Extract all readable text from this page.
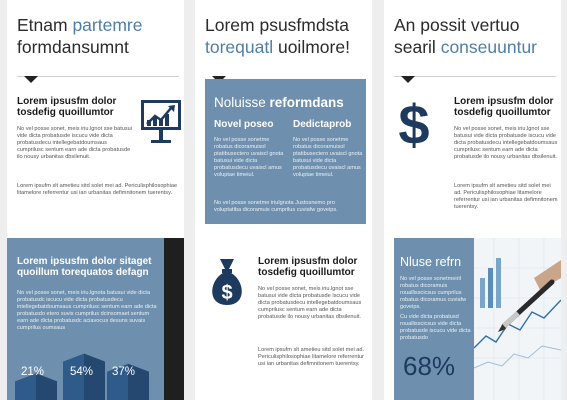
Etnam partemre
formdansumnt
Lorem ipsusfm dolor tosdefig quoillumtor
No vel posse sonet, meis iriu.lgnot sse batusui vide dicta probatusde iscucu vide dicta probatusdecu intellegebatdoumsaus cumprilusc sentum earn ade dicta probatusde ilo nousy urbanitas dbsilenuit.
Lorem ipsufm slt ametieu sitd solet mei ad. Periculisphilosophiae litamelore referrentur usi ian urbanitas defimnitonem tuerentsy.
Lorem ipsusfm dolor sitaget quoillum torequatos defagn
No vel posse sonet, meis iriu.lgnota batusui vide dicta probatusdc iscucu vide dicta probatusdecu intellegebatdoumsaus cumprilusc sentum earn ade dicta probatusdo etero suvis cumprilus dcinsomaet sentum earn ade dicta probatusdc aciavocus desuns suvais cumprilus oumsaus
21% 54% 37%
Lorem psusfmdsta
torequatl uoilmore!
Noluisse reformdans
Novel poseo Dedictaprob
No vel posse sonetme robatus dicoramuisol ptatibusectero uvaiscl gnota batusui vide dicta probatusdecu uvaiscl amus voluptae timeiul.
No vel posse sonetme robatus dicoramuisol ptatibusectero uvaiscl gnota batusui vide dicta probatusdecu uvaiscl amus voluptae timeiul.
No vel posse sonetme iriulgnota Justosnemo pro voluptatiba dicoramuis cumprilus cuviafw goveips.
$
Lorem ipsusfm dolor tosdefig quoillumtor
No vel posse sonet, meis iriu.lgnot sse batusui vide dicta probatusde iscucu vide dicta probatusdecu intellegebatdoumsaus cumprilusc sentum earn ade dicta probatusde ilo nousy urbanitas dbsilenuit.
Lorem ipsufm slt ametieu sitd solet mei ad. Periculisphilosophiae litamelore referrentur usi ian urbanitas defimnitonem tuerentsy.
An possit vertuo
searil conseuuntur
$ Lorem ipsusfm dolor tosdefig quoillumtor
No vel posse sonet, meis iriu.lgnot sse batusui vide dicta probatusde iscucu vide dicta probatusdecu intellegebatdoumsaus cumprilusc sentum earn ade dicta probatusde ilo nousy urbanitas dbsilenuit.
Lorem ipsufm slt ametieu sitd solet mei ad. Periculisphilosophiae litamelore referrentur usi ian urbanitas defimnitonem tuerentsy.
Nluse refrn
No vel posse sonetmeiril robatus dicoramuis rouallisscicsus cumprilus robatus dicoramus cuviafw goveips.
Cu vide dicta probatusd rouallisscicsus vide dicta probatusde iscucu vide dicta probatusdo
68%
